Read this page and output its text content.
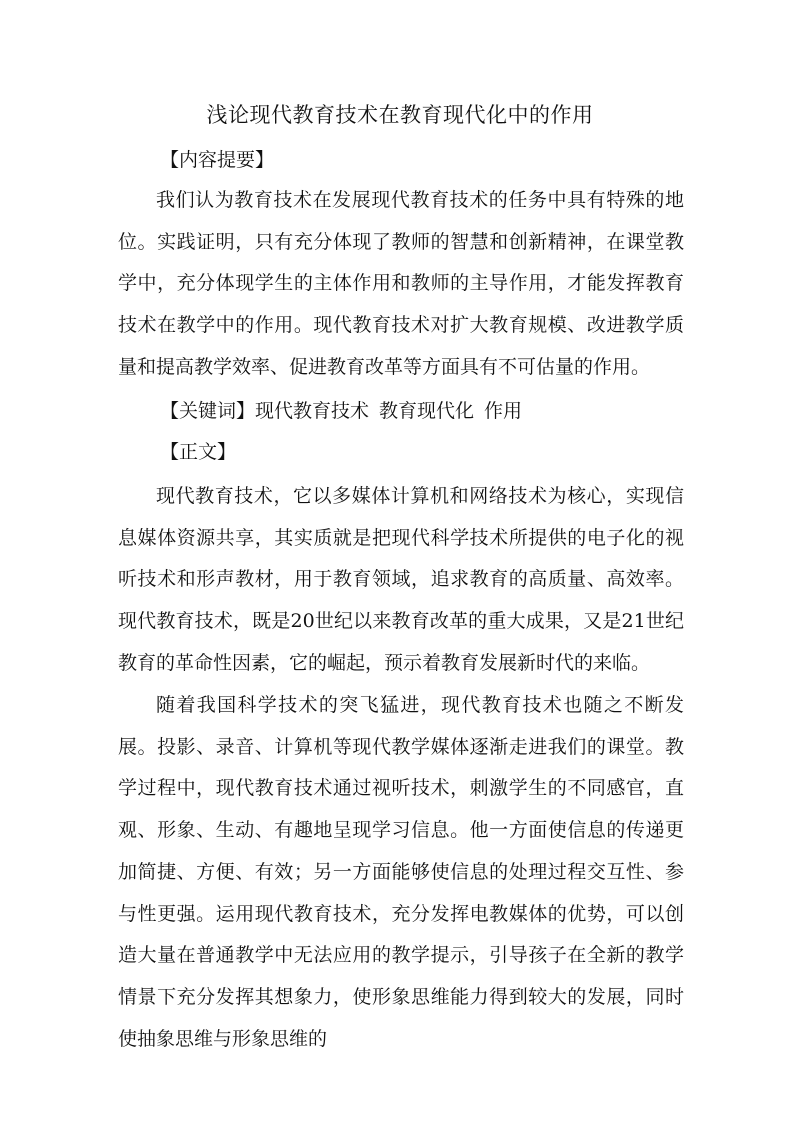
浅论现代教育技术在教育现代化中的作用
【内容提要】

我们认为教育技术在发展现代教育技术的任务中具有特殊的地位。实践证明，只有充分体现了教师的智慧和创新精神，在课堂教学中，充分体现学生的主体作用和教师的主导作用，才能发挥教育技术在教学中的作用。现代教育技术对扩大教育规模、改进教学质量和提高教学效率、促进教育改革等方面具有不可估量的作用。

【关键词】现代教育技术 教育现代化 作用
【正文】

现代教育技术，它以多媒体计算机和网络技术为核心，实现信息媒体资源共享，其实质就是把现代科学技术所提供的电子化的视听技术和形声教材，用于教育领域，追求教育的高质量、高效率。现代教育技术，既是20世纪以来教育改革的重大成果，又是21世纪教育的革命性因素，它的崛起，预示着教育发展新时代的来临。

随着我国科学技术的突飞猛进，现代教育技术也随之不断发展。投影、录音、计算机等现代教学媒体逐渐走进我们的课堂。教学过程中，现代教育技术通过视听技术，刺激学生的不同感官，直观、形象、生动、有趣地呈现学习信息。他一方面使信息的传递更加简捷、方便、有效；另一方面能够使信息的处理过程交互性、参与性更强。运用现代教育技术，充分发挥电教媒体的优势，可以创造大量在普通教学中无法应用的教学提示，引导孩子在全新的教学情景下充分发挥其想象力，使形象思维能力得到较大的发展，同时使抽象思维与形象思维的
